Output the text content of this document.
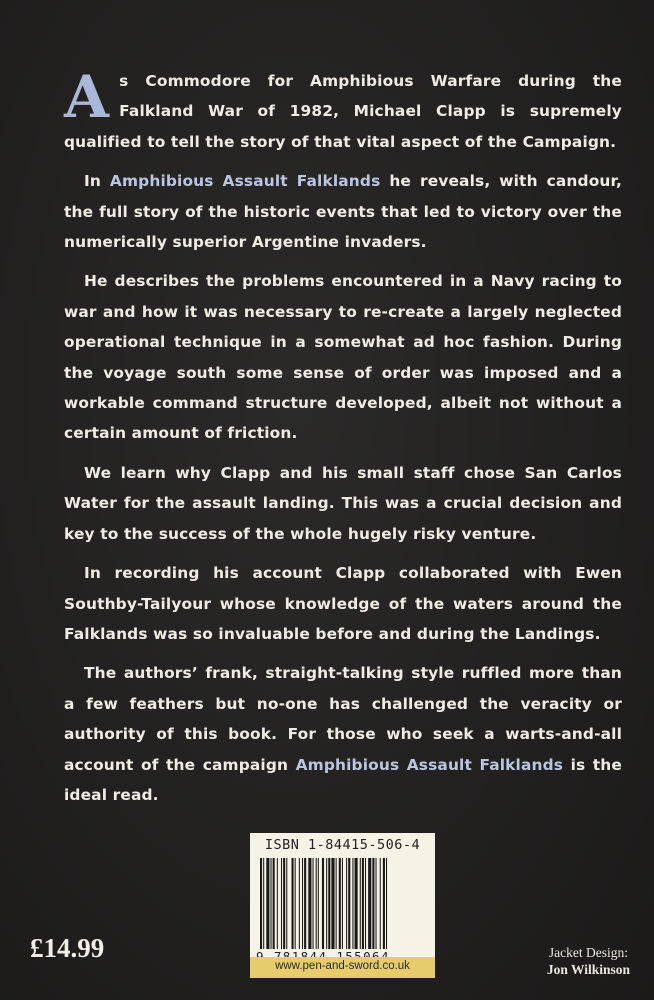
As Commodore for Amphibious Warfare during the Falkland War of 1982, Michael Clapp is supremely qualified to tell the story of that vital aspect of the Campaign.

In Amphibious Assault Falklands he reveals, with candour, the full story of the historic events that led to victory over the numerically superior Argentine invaders.

He describes the problems encountered in a Navy racing to war and how it was necessary to re-create a largely neglected operational technique in a somewhat ad hoc fashion. During the voyage south some sense of order was imposed and a workable command structure developed, albeit not without a certain amount of friction.

We learn why Clapp and his small staff chose San Carlos Water for the assault landing. This was a crucial decision and key to the success of the whole hugely risky venture.

In recording his account Clapp collaborated with Ewen Southby-Tailyour whose knowledge of the waters around the Falklands was so invaluable before and during the Landings.

The authors’ frank, straight-talking style ruffled more than a few feathers but no-one has challenged the veracity or authority of this book. For those who seek a warts-and-all account of the campaign Amphibious Assault Falklands is the ideal read.

ISBN 1-84415-506-4
www.pen-and-sword.co.uk
£14.99	Jacket Design:
Jon Wilkinson
